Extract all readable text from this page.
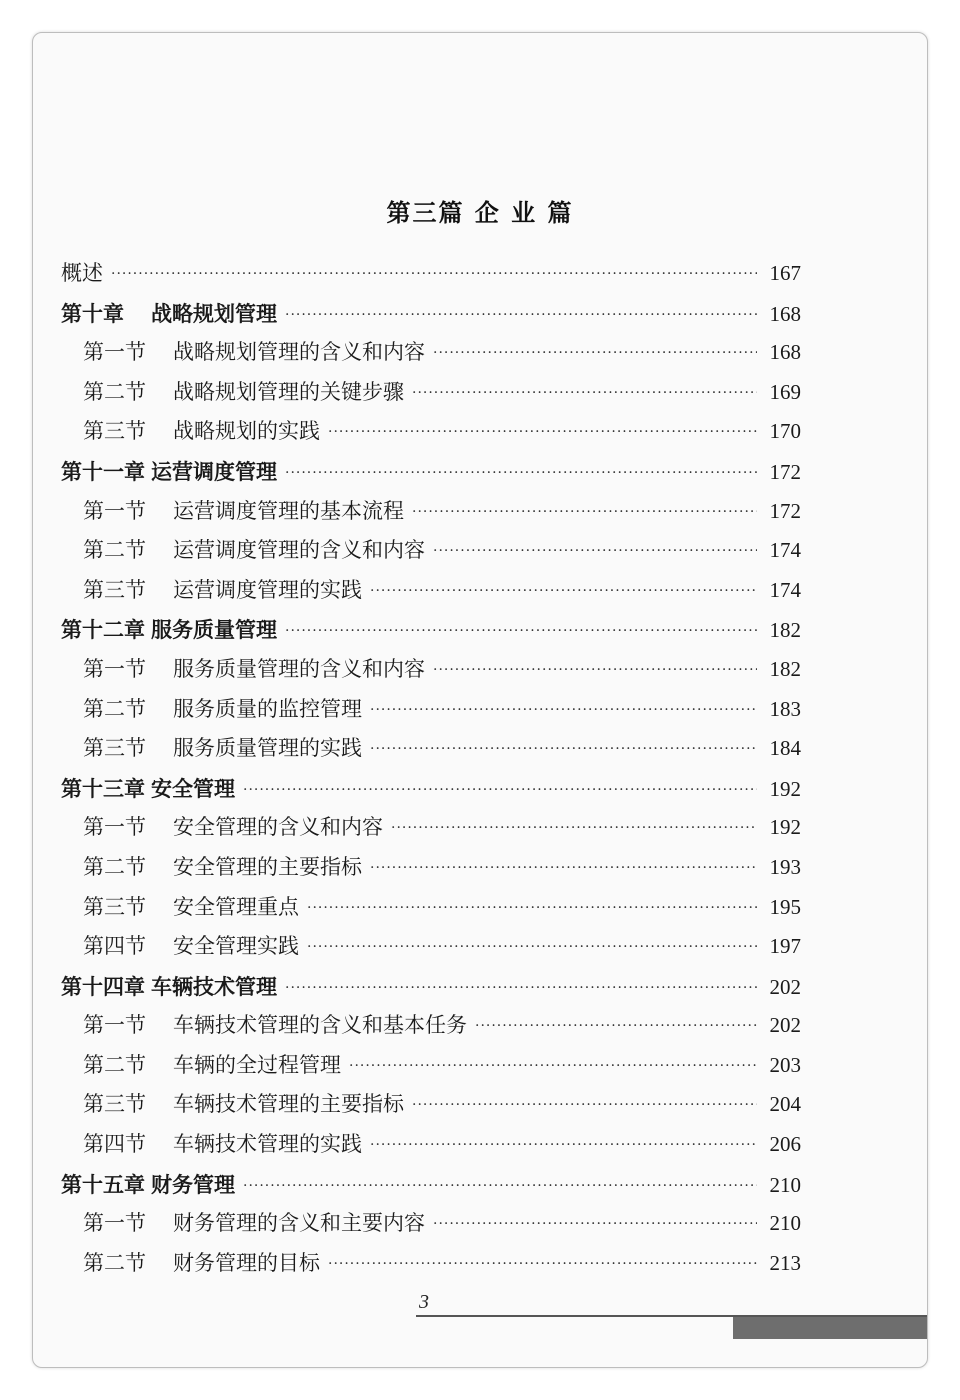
第三篇 企 业 篇
概述 ·····	167
第十章	战略规划管理 ·····	168
第一节	战略规划管理的含义和内容 ·····	168
第二节	战略规划管理的关键步骤 ·····	169
第三节	战略规划的实践 ·····	170
第十一章 运营调度管理 ·····	172
第一节	运营调度管理的基本流程 ·····	172
第二节	运营调度管理的含义和内容 ·····	174
第三节	运营调度管理的实践 ·····	174
第十二章 服务质量管理 ·····	182
第一节	服务质量管理的含义和内容 ·····	182
第二节	服务质量的监控管理 ·····	183
第三节	服务质量管理的实践 ·····	184
第十三章 安全管理 ·····	192
第一节	安全管理的含义和内容 ·····	192
第二节	安全管理的主要指标 ·····	193
第三节	安全管理重点 ·····	195
第四节	安全管理实践 ·····	197
第十四章 车辆技术管理 ·····	202
第一节	车辆技术管理的含义和基本任务 ·····	202
第二节	车辆的全过程管理 ·····	203
第三节	车辆技术管理的主要指标 ·····	204
第四节	车辆技术管理的实践 ·····	206
第十五章 财务管理 ·····	210
第一节	财务管理的含义和主要内容 ·····	210
第二节	财务管理的目标 ·····	213
3
